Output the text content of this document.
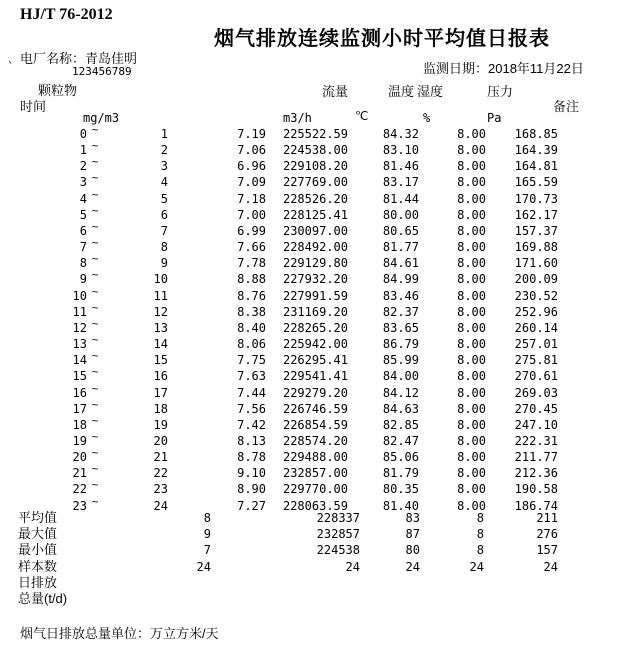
HJ/T 76-2012
烟气排放连续监测小时平均值日报表
电厂名称：青岛佳明
`	123456789	监测日期：2018年11月22日
颗粒物	流量	温度 湿度	压力
时间	备注
mg/m3	m3/h	℃	%	Pa
0 ~	1	7.19	225522.59	84.32	8.00	168.85
1 ~	2	7.06	224538.00	83.10	8.00	164.39
2 ~	3	6.96	229108.20	81.46	8.00	164.81
3 ~	4	7.09	227769.00	83.17	8.00	165.59
4 ~	5	7.18	228526.20	81.44	8.00	170.73
5 ~	6	7.00	228125.41	80.00	8.00	162.17
6 ~	7	6.99	230097.00	80.65	8.00	157.37
7 ~	8	7.66	228492.00	81.77	8.00	169.88
8 ~	9	7.78	229129.80	84.61	8.00	171.60
9 ~	10	8.88	227932.20	84.99	8.00	200.09
10 ~	11	8.76	227991.59	83.46	8.00	230.52
11 ~	12	8.38	231169.20	82.37	8.00	252.96
12 ~	13	8.40	228265.20	83.65	8.00	260.14
13 ~	14	8.06	225942.00	86.79	8.00	257.01
14 ~	15	7.75	226295.41	85.99	8.00	275.81
15 ~	16	7.63	229541.41	84.00	8.00	270.61
16 ~	17	7.44	229279.20	84.12	8.00	269.03
17 ~	18	7.56	226746.59	84.63	8.00	270.45
18 ~	19	7.42	226854.59	82.85	8.00	247.10
19 ~	20	8.13	228574.20	82.47	8.00	222.31
20 ~	21	8.78	229488.00	85.06	8.00	211.77
21 ~	22	9.10	232857.00	81.79	8.00	212.36
22 ~	23	8.90	229770.00	80.35	8.00	190.58
23 ~	24	7.27	228063.59	81.40	8.00	186.74
平均值	8	228337	83	8	211
最大值	9	232857	87	8	276
最小值	7	224538	80	8	157
样本数	24	24	24	24	24
日排放
总量(t/d)
烟气日排放总量单位：万立方米/天
